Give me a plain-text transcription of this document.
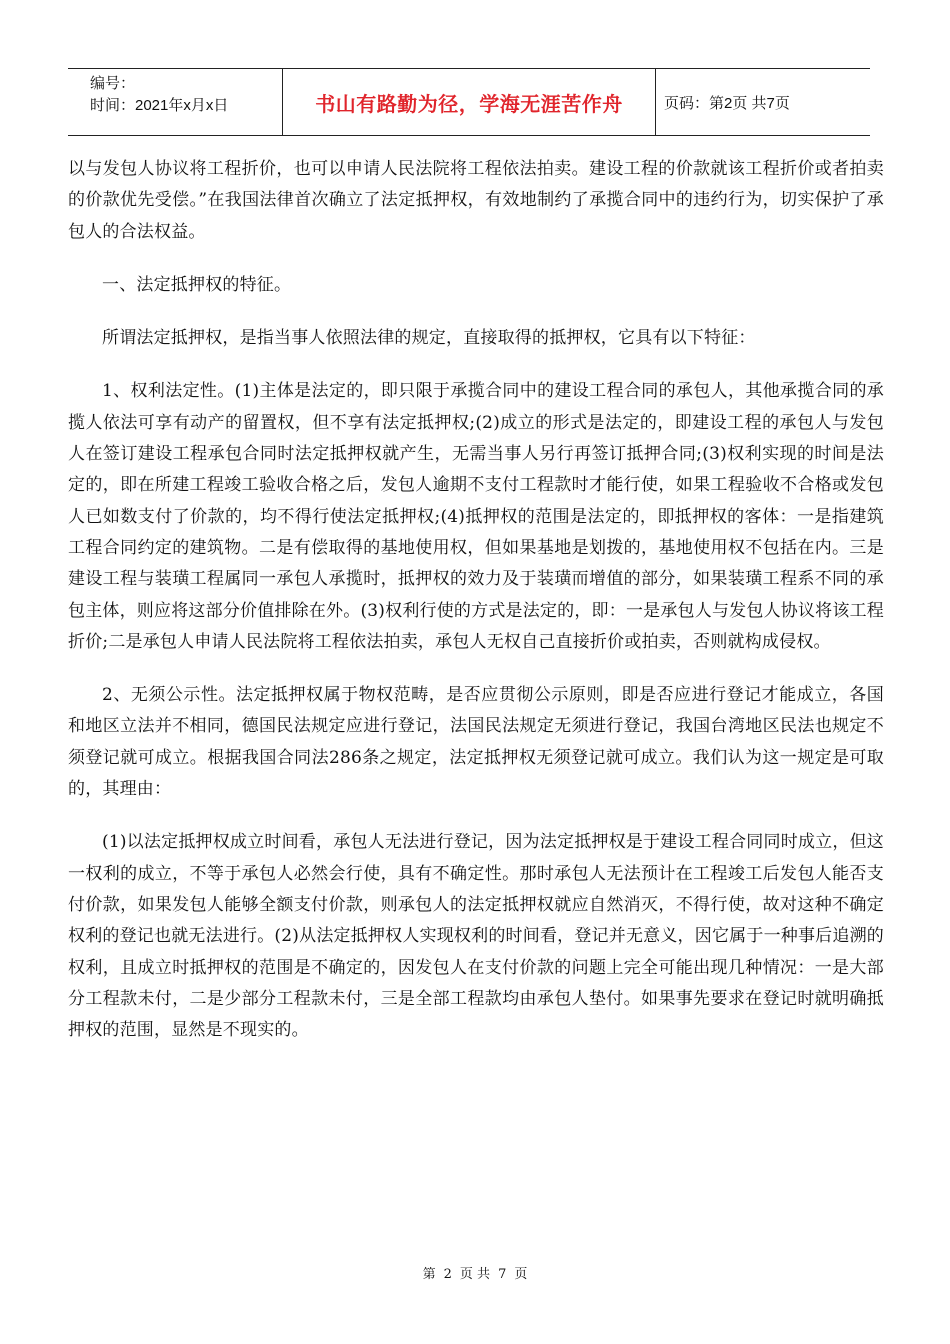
编号：
时间：2021年x月x日	书山有路勤为径，学海无涯苦作舟	页码：第2页 共7页

以与发包人协议将工程折价，也可以申请人民法院将工程依法拍卖。建设工程的价款就该工程折价或者拍卖的价款优先受偿。”在我国法律首次确立了法定抵押权，有效地制约了承揽合同中的违约行为，切实保护了承包人的合法权益。

一、法定抵押权的特征。

所谓法定抵押权，是指当事人依照法律的规定，直接取得的抵押权，它具有以下特征：

1、权利法定性。(1)主体是法定的，即只限于承揽合同中的建设工程合同的承包人，其他承揽合同的承揽人依法可享有动产的留置权，但不享有法定抵押权;(2)成立的形式是法定的，即建设工程的承包人与发包人在签订建设工程承包合同时法定抵押权就产生，无需当事人另行再签订抵押合同;(3)权利实现的时间是法定的，即在所建工程竣工验收合格之后，发包人逾期不支付工程款时才能行使，如果工程验收不合格或发包人已如数支付了价款的，均不得行使法定抵押权;(4)抵押权的范围是法定的，即抵押权的客体：一是指建筑工程合同约定的建筑物。二是有偿取得的基地使用权，但如果基地是划拨的，基地使用权不包括在内。三是建设工程与装璜工程属同一承包人承揽时，抵押权的效力及于装璜而增值的部分，如果装璜工程系不同的承包主体，则应将这部分价值排除在外。(3)权利行使的方式是法定的，即：一是承包人与发包人协议将该工程折价;二是承包人申请人民法院将工程依法拍卖，承包人无权自己直接折价或拍卖，否则就构成侵权。

2、无须公示性。法定抵押权属于物权范畴，是否应贯彻公示原则，即是否应进行登记才能成立，各国和地区立法并不相同，德国民法规定应进行登记，法国民法规定无须进行登记，我国台湾地区民法也规定不须登记就可成立。根据我国合同法286条之规定，法定抵押权无须登记就可成立。我们认为这一规定是可取的，其理由：

(1)以法定抵押权成立时间看，承包人无法进行登记，因为法定抵押权是于建设工程合同同时成立，但这一权利的成立，不等于承包人必然会行使，具有不确定性。那时承包人无法预计在工程竣工后发包人能否支付价款，如果发包人能够全额支付价款，则承包人的法定抵押权就应自然消灭，不得行使，故对这种不确定权利的登记也就无法进行。(2)从法定抵押权人实现权利的时间看，登记并无意义，因它属于一种事后追溯的权利，且成立时抵押权的范围是不确定的，因发包人在支付价款的问题上完全可能出现几种情况：一是大部分工程款未付，二是少部分工程款未付，三是全部工程款均由承包人垫付。如果事先要求在登记时就明确抵押权的范围，显然是不现实的。

第 2 页 共 7 页
